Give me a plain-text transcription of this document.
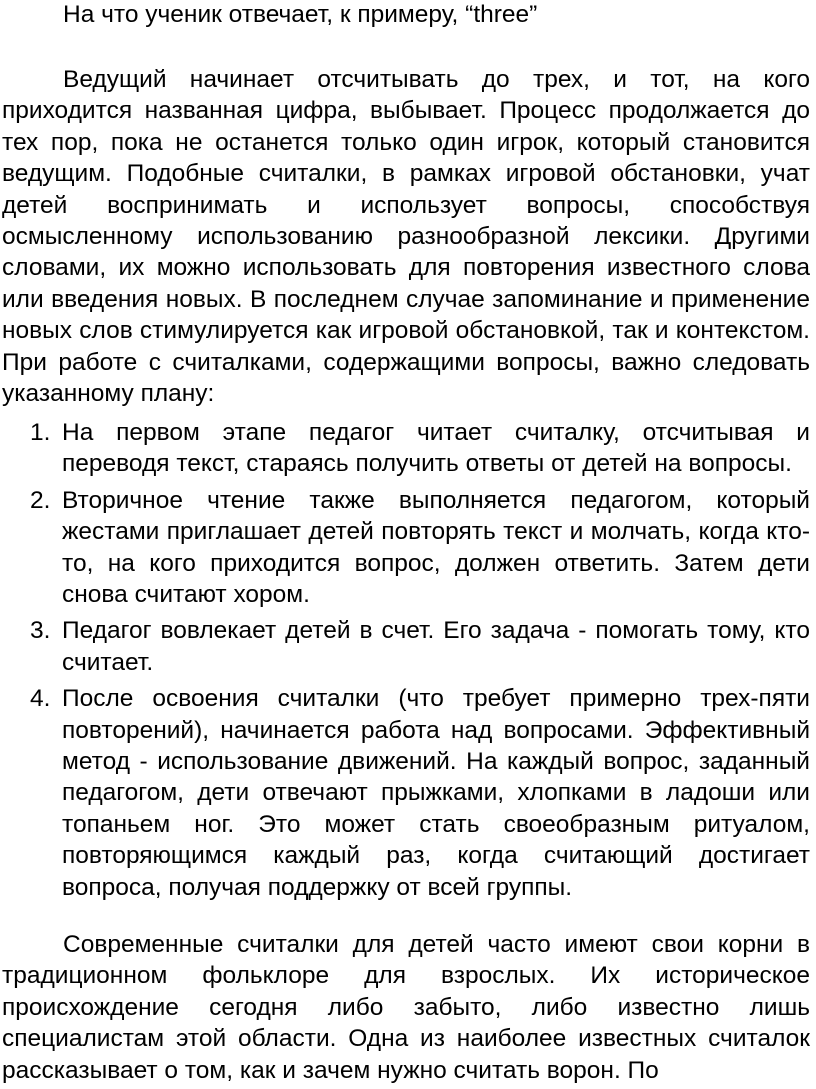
На что ученик отвечает, к примеру, “three”

Ведущий начинает отсчитывать до трех, и тот, на кого приходится названная цифра, выбывает. Процесс продолжается до тех пор, пока не останется только один игрок, который становится ведущим. Подобные считалки, в рамках игровой обстановки, учат детей воспринимать и использует вопросы, способствуя осмысленному использованию разнообразной лексики. Другими словами, их можно использовать для повторения известного слова или введения новых. В последнем случае запоминание и применение новых слов стимулируется как игровой обстановкой, так и контекстом. При работе с считалками, содержащими вопросы, важно следовать указанному плану:

1. На первом этапе педагог читает считалку, отсчитывая и переводя текст, стараясь получить ответы от детей на вопросы.
2. Вторичное чтение также выполняется педагогом, который жестами приглашает детей повторять текст и молчать, когда кто-то, на кого приходится вопрос, должен ответить. Затем дети снова считают хором.
3. Педагог вовлекает детей в счет. Его задача - помогать тому, кто считает.
4. После освоения считалки (что требует примерно трех-пяти повторений), начинается работа над вопросами. Эффективный метод - использование движений. На каждый вопрос, заданный педагогом, дети отвечают прыжками, хлопками в ладоши или топаньем ног. Это может стать своеобразным ритуалом, повторяющимся каждый раз, когда считающий достигает вопроса, получая поддержку от всей группы.

Современные считалки для детей часто имеют свои корни в традиционном фольклоре для взрослых. Их историческое происхождение сегодня либо забыто, либо известно лишь специалистам этой области. Одна из наиболее известных считалок рассказывает о том, как и зачем нужно считать ворон. По
